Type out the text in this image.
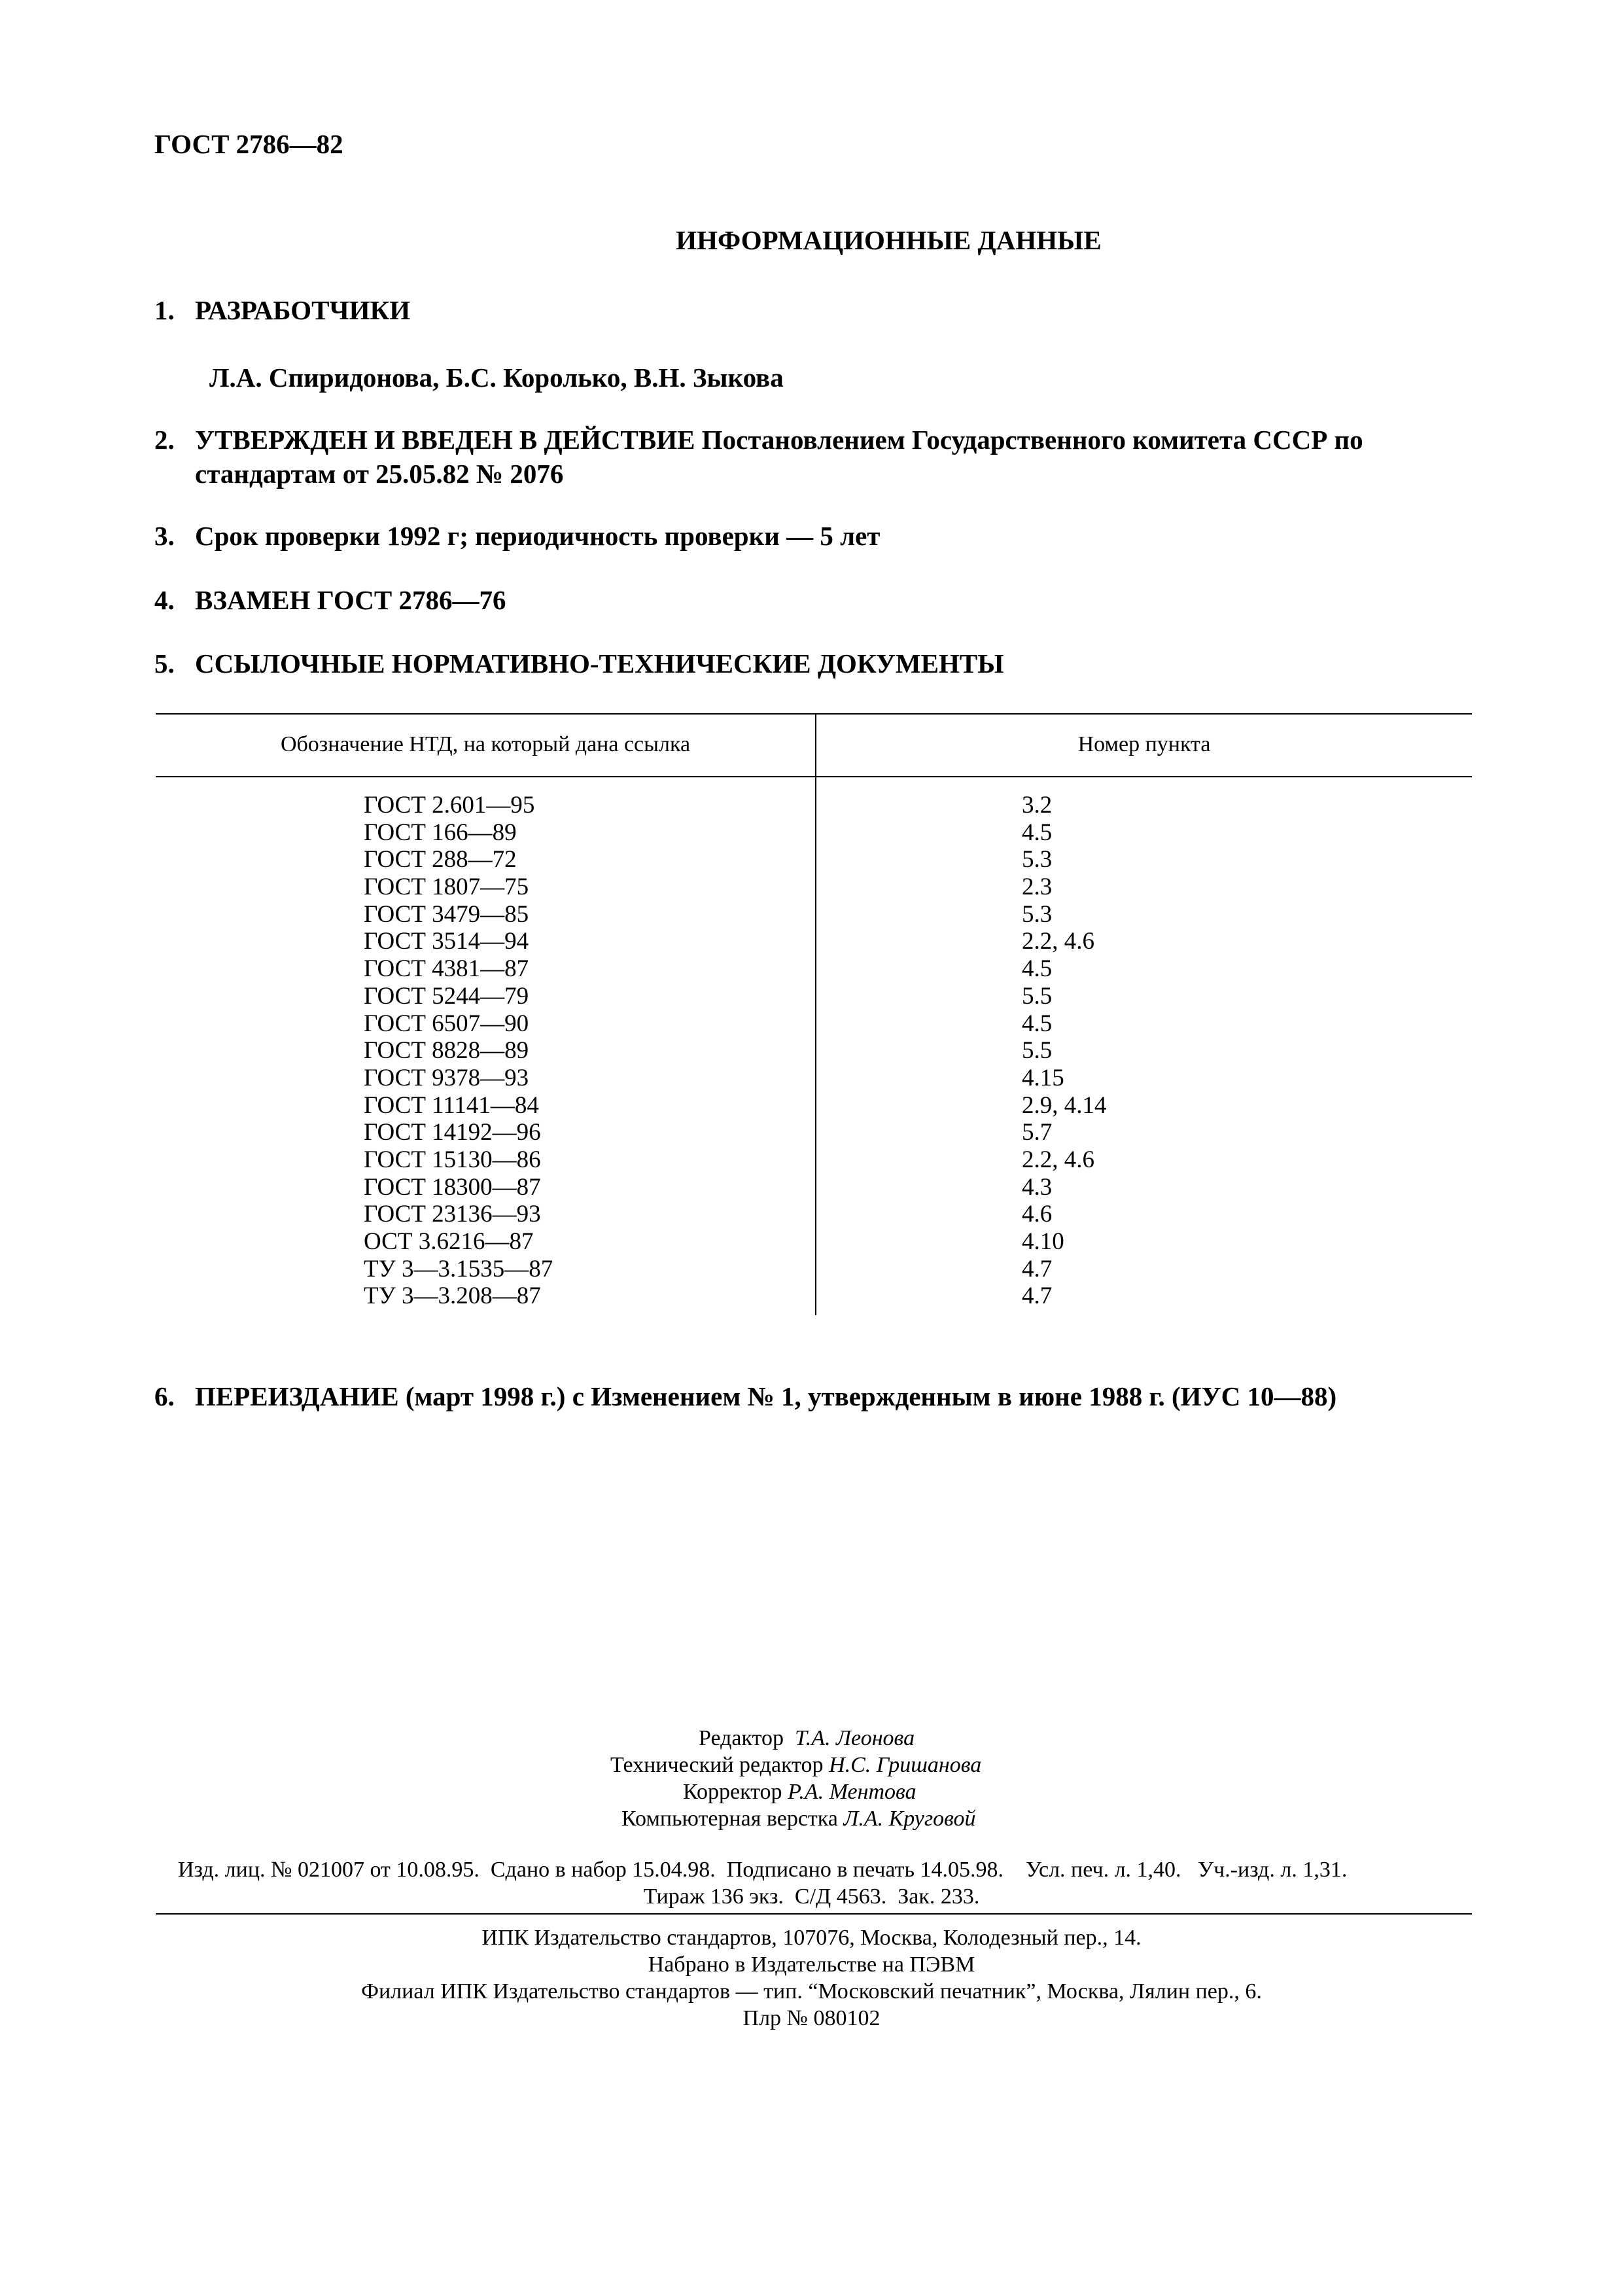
ГОСТ 2786—82
ИНФОРМАЦИОННЫЕ ДАННЫЕ
1. РАЗРАБОТЧИКИ
Л.А. Спиридонова, Б.С. Королько, В.Н. Зыкова
2. УТВЕРЖДЕН И ВВЕДЕН В ДЕЙСТВИЕ Постановлением Государственного комитета СССР по
стандартам от 25.05.82 № 2076
3. Срок проверки 1992 г; периодичность проверки — 5 лет
4. ВЗАМЕН ГОСТ 2786—76
5. ССЫЛОЧНЫЕ НОРМАТИВНО-ТЕХНИЧЕСКИЕ ДОКУМЕНТЫ
Обозначение НТД, на который дана ссылка	Номер пункта
ГОСТ 2.601—95	3.2
ГОСТ 166—89	4.5
ГОСТ 288—72	5.3
ГОСТ 1807—75	2.3
ГОСТ 3479—85	5.3
ГОСТ 3514—94	2.2, 4.6
ГОСТ 4381—87	4.5
ГОСТ 5244—79	5.5
ГОСТ 6507—90	4.5
ГОСТ 8828—89	5.5
ГОСТ 9378—93	4.15
ГОСТ 11141—84	2.9, 4.14
ГОСТ 14192—96	5.7
ГОСТ 15130—86	2.2, 4.6
ГОСТ 18300—87	4.3
ГОСТ 23136—93	4.6
ОСТ 3.6216—87	4.10
ТУ 3—3.1535—87	4.7
ТУ 3—3.208—87	4.7
6. ПЕРЕИЗДАНИЕ (март 1998 г.) с Изменением № 1, утвержденным в июне 1988 г. (ИУС 10—88)
Редактор Т.А. Леонова
Технический редактор Н.С. Гришанова
Корректор Р.А. Ментова
Компьютерная верстка Л.А. Круговой
Изд. лиц. № 021007 от 10.08.95.  Сдано в набор 15.04.98.  Подписано в печать 14.05.98.    Усл. печ. л. 1,40.   Уч.-изд. л. 1,31.
Тираж 136 экз.  С/Д 4563.  Зак. 233.
ИПК Издательство стандартов, 107076, Москва, Колодезный пер., 14.
Набрано в Издательстве на ПЭВМ
Филиал ИПК Издательство стандартов — тип. “Московский печатник”, Москва, Лялин пер., 6.
Плр № 080102
